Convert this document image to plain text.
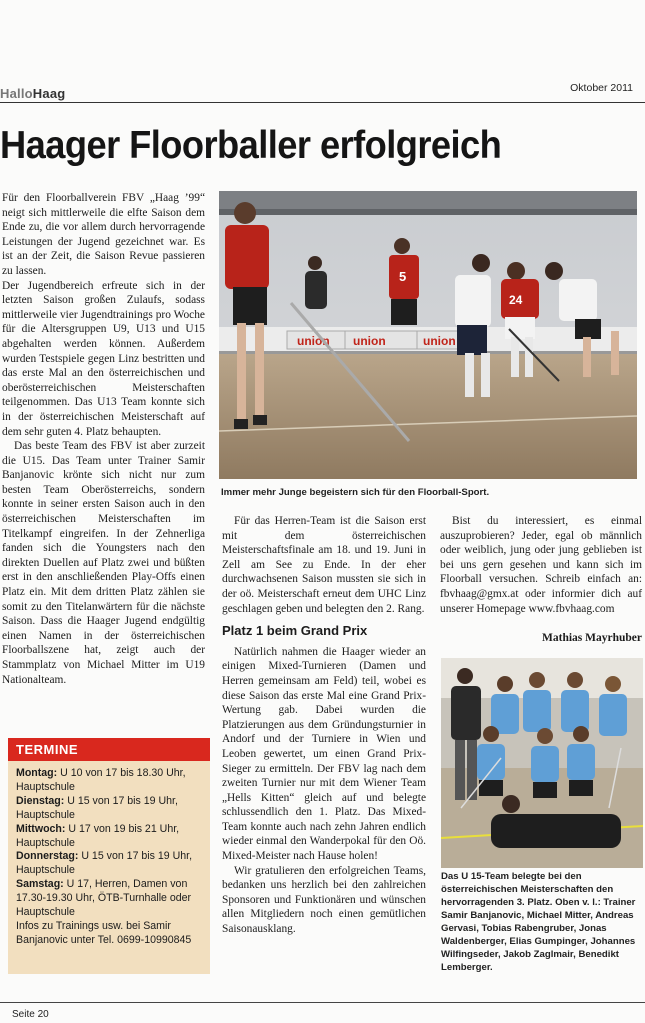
HalloHaag	Oktober 2011
Haager Floorballer erfolgreich

Für den Floorballverein FBV „Haag ’99“ neigt sich mittlerweile die elfte Saison dem Ende zu, die vor allem durch hervorragende Leistungen der Jugend gezeichnet war. Es ist an der Zeit, die Saison Revue passieren zu lassen.

Der Jugendbereich erfreute sich in der letzten Saison großen Zulaufs, sodass mittlerweile vier Jugendtrainings pro Woche für die Altersgruppen U9, U13 und U15 abgehalten werden können. Außerdem wurden Testspiele gegen Linz bestritten und das erste Mal an den österreichischen und oberösterreichischen Meisterschaften teilgenommen. Das U13 Team konnte sich in der österreichischen Meisterschaft auf dem sehr guten 4. Platz behaupten.

Das beste Team des FBV ist aber zurzeit die U15. Das Team unter Trainer Samir Banjanovic krönte sich nicht nur zum besten Team Oberösterreichs, sondern konnte in seiner ersten Saison auch in den österreichischen Meisterschaften im Titelkampf eingreifen. In der Zehnerliga fanden sich die Youngsters nach den direkten Duellen auf Platz zwei und büßten erst in den anschließenden Play-Offs einen Platz ein. Mit dem dritten Platz zählen sie somit zu den Titelanwärtern für die nächste Saison. Dass die Haager Jugend endgültig einen Namen in der österreichischen Floorballszene hat, zeigt auch der Stammplatz von Michael Mitter im U19 Nationalteam.

TERMINE
Montag: U 10 von 17 bis 18.30 Uhr, Hauptschule
Dienstag: U 15 von 17 bis 19 Uhr, Hauptschule
Mittwoch: U 17 von 19 bis 21 Uhr, Hauptschule
Donnerstag: U 15 von 17 bis 19 Uhr, Hauptschule
Samstag: U 17, Herren, Damen von 17.30-19.30 Uhr, ÖTB-Turnhalle oder Hauptschule
Infos zu Trainings usw. bei Samir Banjanovic unter Tel. 0699-10990845
union union	union
5
24
Immer mehr Junge begeistern sich für den Floorball-Sport.

Für das Herren-Team ist die Saison erst mit dem österreichischen Meisterschaftsfinale am 18. und 19. Juni in Zell am See zu Ende. In der eher durchwachsenen Saison mussten sie sich in der oö. Meisterschaft erneut dem UHC Linz geschlagen geben und belegten den 2. Rang.

Platz 1 beim Grand Prix

Natürlich nahmen die Haager wieder an einigen Mixed-Turnieren (Damen und Herren gemeinsam am Feld) teil, wobei es diese Saison das erste Mal eine Grand Prix-Wertung gab. Dabei wurden die Platzierungen aus dem Gründungsturnier in Andorf und der Turniere in Wien und Leoben gewertet, um einen Grand Prix-Sieger zu ermitteln. Der FBV lag nach dem zweiten Turnier nur mit dem Wiener Team „Hells Kitten“ gleich auf und belegte schlussendlich den 1. Platz. Das Mixed-Team konnte auch nach zehn Jahren endlich wieder einmal den Wanderpokal für den Oö. Mixed-Meister nach Hause holen!

Wir gratulieren den erfolgreichen Teams, bedanken uns herzlich bei den zahlreichen Sponsoren und Funktionären und wünschen allen Mitgliedern noch einen gemütlichen Saisonausklang.

Bist du interessiert, es einmal auszuprobieren? Jeder, egal ob männlich oder weiblich, jung oder jung geblieben ist bei uns gern gesehen und kann sich im Floorball versuchen. Schreib einfach an: fbvhaag@gmx.at oder informier dich auf unserer Homepage www.fbvhaag.com

Mathias Mayrhuber
Das U 15-Team belegte bei den österreichischen Meisterschaften den hervorragenden 3. Platz. Oben v. l.: Trainer Samir Banjanovic, Michael Mitter, Andreas Gervasi, Tobias Rabengruber, Jonas Waldenberger, Elias Gumpinger, Johannes Wilfingseder, Jakob Zaglmair, Benedikt Lemberger.
Seite 20
